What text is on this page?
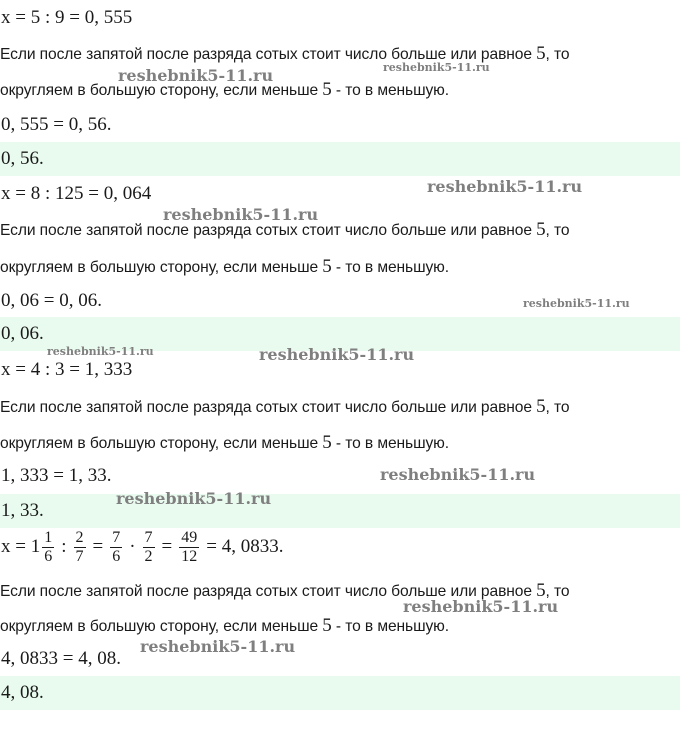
x = 5 : 9 = 0, 555
Если после запятой после разряда сотых стоит число больше или равное 5, то
округляем в большую сторону, если меньше 5 - то в меньшую.
0, 555 = 0, 56.
0, 56.
x = 8 : 125 = 0, 064
Если после запятой после разряда сотых стоит число больше или равное 5, то
округляем в большую сторону, если меньше 5 - то в меньшую.
0, 06 = 0, 06.
0, 06.
x = 4 : 3 = 1, 333
Если после запятой после разряда сотых стоит число больше или равное 5, то
округляем в большую сторону, если меньше 5 - то в меньшую.
1, 333 = 1, 33.
1, 33.
$x = 1 \frac{1}{6}$ : $\frac{2}{7} = \frac{7}{6} \cdot \frac{7}{2} = \frac{49}{12} = 4$, 0833.
Если после запятой после разряда сотых стоит число больше или равное 5, то
округляем в большую сторону, если меньше 5 - то в меньшую.
4, 0833 = 4, 08.
4, 08.
reshebnik5-11.ru	reshebnik5-11.ru
reshebnik5-11.ru
reshebnik5-11.ru
reshebnik5-11.ru
reshebnik5-11.ru	reshebnik5-11.ru
reshebnik5-11.ru
reshebnik5-11.ru
reshebnik5-11.ru
reshebnik5-11.ru
